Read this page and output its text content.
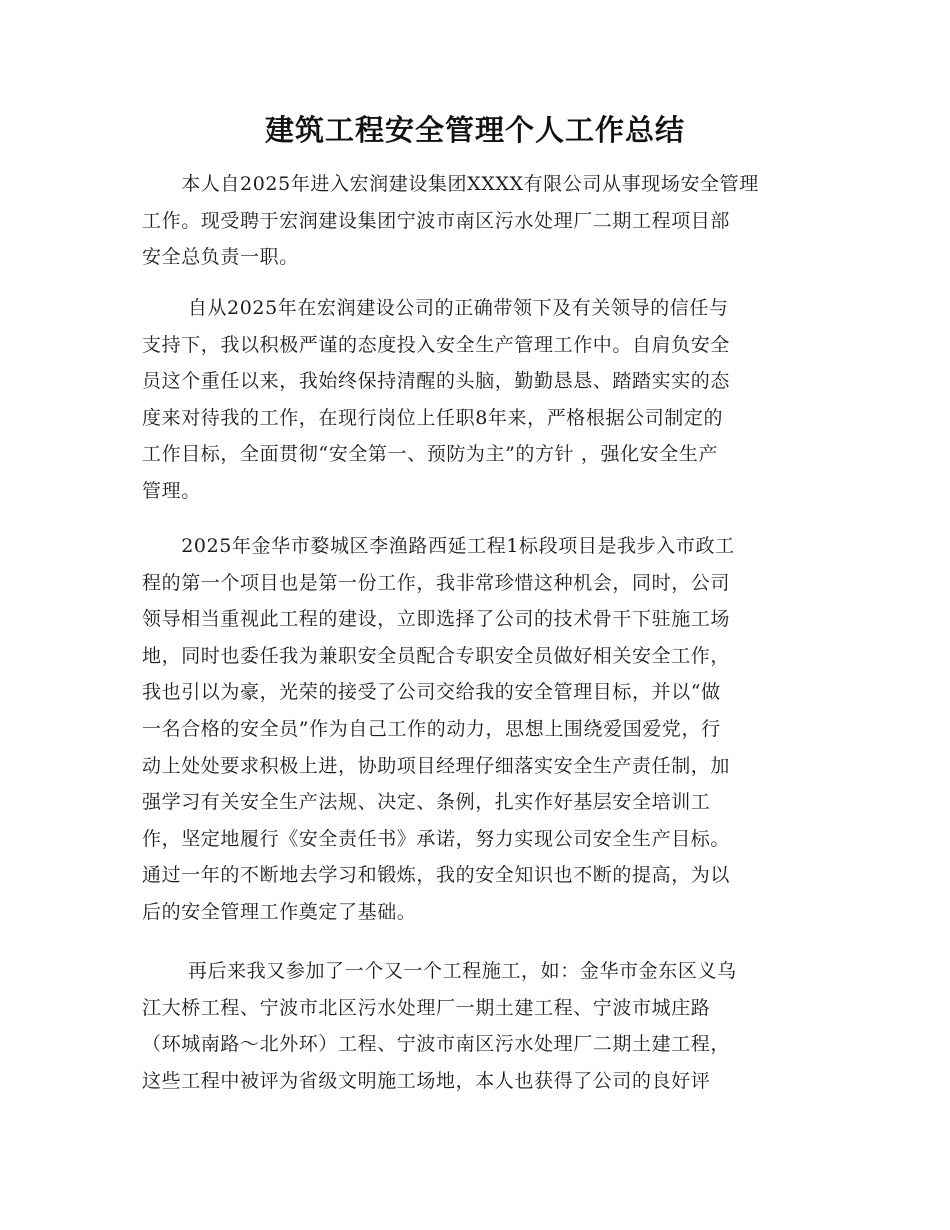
建筑工程安全管理个人工作总结
　　本人自2025年进入宏润建设集团XXXX有限公司从事现场安全管理
工作。现受聘于宏润建设集团宁波市南区污水处理厂二期工程项目部
安全总负责一职。
　　 自从2025年在宏润建设公司的正确带领下及有关领导的信任与
支持下，我以积极严谨的态度投入安全生产管理工作中。自肩负安全
员这个重任以来，我始终保持清醒的头脑，勤勤恳恳、踏踏实实的态
度来对待我的工作，在现行岗位上任职8年来，严格根据公司制定的
工作目标，全面贯彻“安全第一、预防为主”的方针 ，强化安全生产
管理。
　　2025年金华市婺城区李渔路西延工程1标段项目是我步入市政工
程的第一个项目也是第一份工作，我非常珍惜这种机会，同时，公司
领导相当重视此工程的建设，立即选择了公司的技术骨干下驻施工场
地，同时也委任我为兼职安全员配合专职安全员做好相关安全工作，
我也引以为豪，光荣的接受了公司交给我的安全管理目标，并以“做
一名合格的安全员”作为自己工作的动力，思想上围绕爱国爱党，行
动上处处要求积极上进，协助项目经理仔细落实安全生产责任制，加
强学习有关安全生产法规、决定、条例，扎实作好基层安全培训工
作，坚定地履行《安全责任书》承诺，努力实现公司安全生产目标。
通过一年的不断地去学习和锻炼，我的安全知识也不断的提高，为以
后的安全管理工作奠定了基础。
　　 再后来我又参加了一个又一个工程施工，如：金华市金东区义乌
江大桥工程、宁波市北区污水处理厂一期土建工程、宁波市城庄路
（环城南路～北外环）工程、宁波市南区污水处理厂二期土建工程，
这些工程中被评为省级文明施工场地，本人也获得了公司的良好评
